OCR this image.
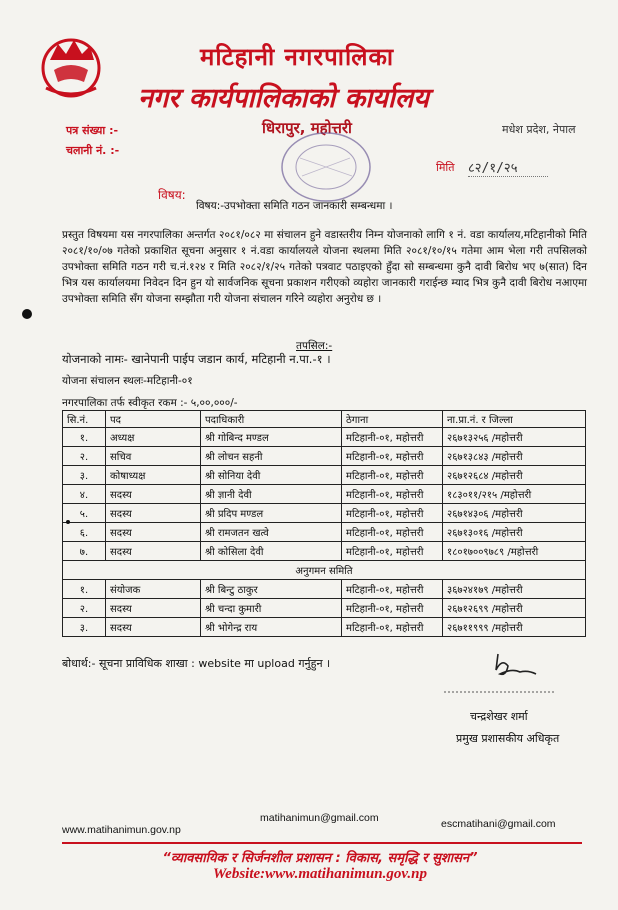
मटिहानी नगरपालिका
नगर कार्यपालिकाको कार्यालय
धिरापुर, महोत्तरी	मधेश प्रदेश, नेपाल
पत्र संख्या :-
चलानी नं. :-
मिति ८२/१/२५
विषय:
विषय:-उपभोक्ता समिति गठन जानकारी सम्बन्धमा ।
प्रस्तुत विषयमा यस नगरपालिका अन्तर्गत २०८१/०८२ मा संचालन हुने वडास्तरीय निम्न योजनाको लागि १ नं. वडा कार्यालय,मटिहानीको मिति २०८१/१०/०७ गतेको प्रकाशित सूचना अनुसार १ नं.वडा कार्यालयले योजना स्थलमा मिति २०८१/१०/१५ गतेमा आम भेला गरी तपसिलको उपभोक्ता समिति गठन गरी च.नं.१२४ र मिति २०८२/१/२५ गतेको पत्रवाट पठाइएको हुँदा सो सम्बन्धमा कुनै दावी बिरोध भए ७(सात) दिन भित्र यस कार्यालयमा निवेदन दिन हुन यो सार्वजनिक सूचना प्रकाशन गरीएको व्यहोरा जानकारी गराईन्छ म्याद भित्र कुनै दावी बिरोध नआएमा उपभोक्ता समिति सँग योजना सम्झौता गरी योजना संचालन गरिने व्यहोरा अनुरोध छ ।
तपसिल:-
योजनाको नामः- खानेपानी पाईप जडान कार्य, मटिहानी न.पा.-१ ।
योजना संचालन स्थलः-मटिहानी-०१
नगरपालिका तर्फ स्वीकृत रकम :- ५,००,०००/-
सि.नं.	पद	पदाधिकारी	ठेगाना	ना.प्रा.नं. र जिल्ला
१.	अध्यक्ष	श्री गोबिन्द मण्डल	मटिहानी-०१, महोत्तरी	२६७१३२५६ /महोत्तरी
२.	सचिव	श्री लोचन सहनी	मटिहानी-०१, महोत्तरी	२६७१३८४३ /महोत्तरी
३.	कोषाध्यक्ष	श्री सोनिया देवी	मटिहानी-०१, महोत्तरी	२६७१२६८४ /महोत्तरी
४.	सदस्य	श्री ज्ञानी देवी	मटिहानी-०१, महोत्तरी	१८३०११/२१५ /महोत्तरी
५.	सदस्य	श्री प्रदिप मण्डल	मटिहानी-०१, महोत्तरी	२६७१४३०६ /महोत्तरी
६.	सदस्य	श्री रामजतन खत्वे	मटिहानी-०१, महोत्तरी	२६७१३०१६ /महोत्तरी
७.	सदस्य	श्री कोसिला देवी	मटिहानी-०१, महोत्तरी	१८०१७००९७८९ /महोत्तरी
अनुगमन समिति				
१.	संयोजक	श्री बिन्टु ठाकुर	मटिहानी-०१, महोत्तरी	३६७२४१७९ /महोत्तरी
२.	सदस्य	श्री चन्दा कुमारी	मटिहानी-०१, महोत्तरी	२६७१२६९९ /महोत्तरी
३.	सदस्य	श्री भोगेन्द्र राय	मटिहानी-०१, महोत्तरी	२६७११९९९ /महोत्तरी
बोधार्थ:- सूचना प्राविधिक शाखा : website मा upload गर्नुहुन ।
चन्द्रशेखर शर्मा
प्रमुख प्रशासकीय अधिकृत
www.matihanimun.gov.np
matihanimun@gmail.com	escmatihani@gmail.com
“व्यावसायिक र सिर्जनशील प्रशासन : विकास, समृद्धि र सुशासन”
Website:www.matihanimun.gov.np
